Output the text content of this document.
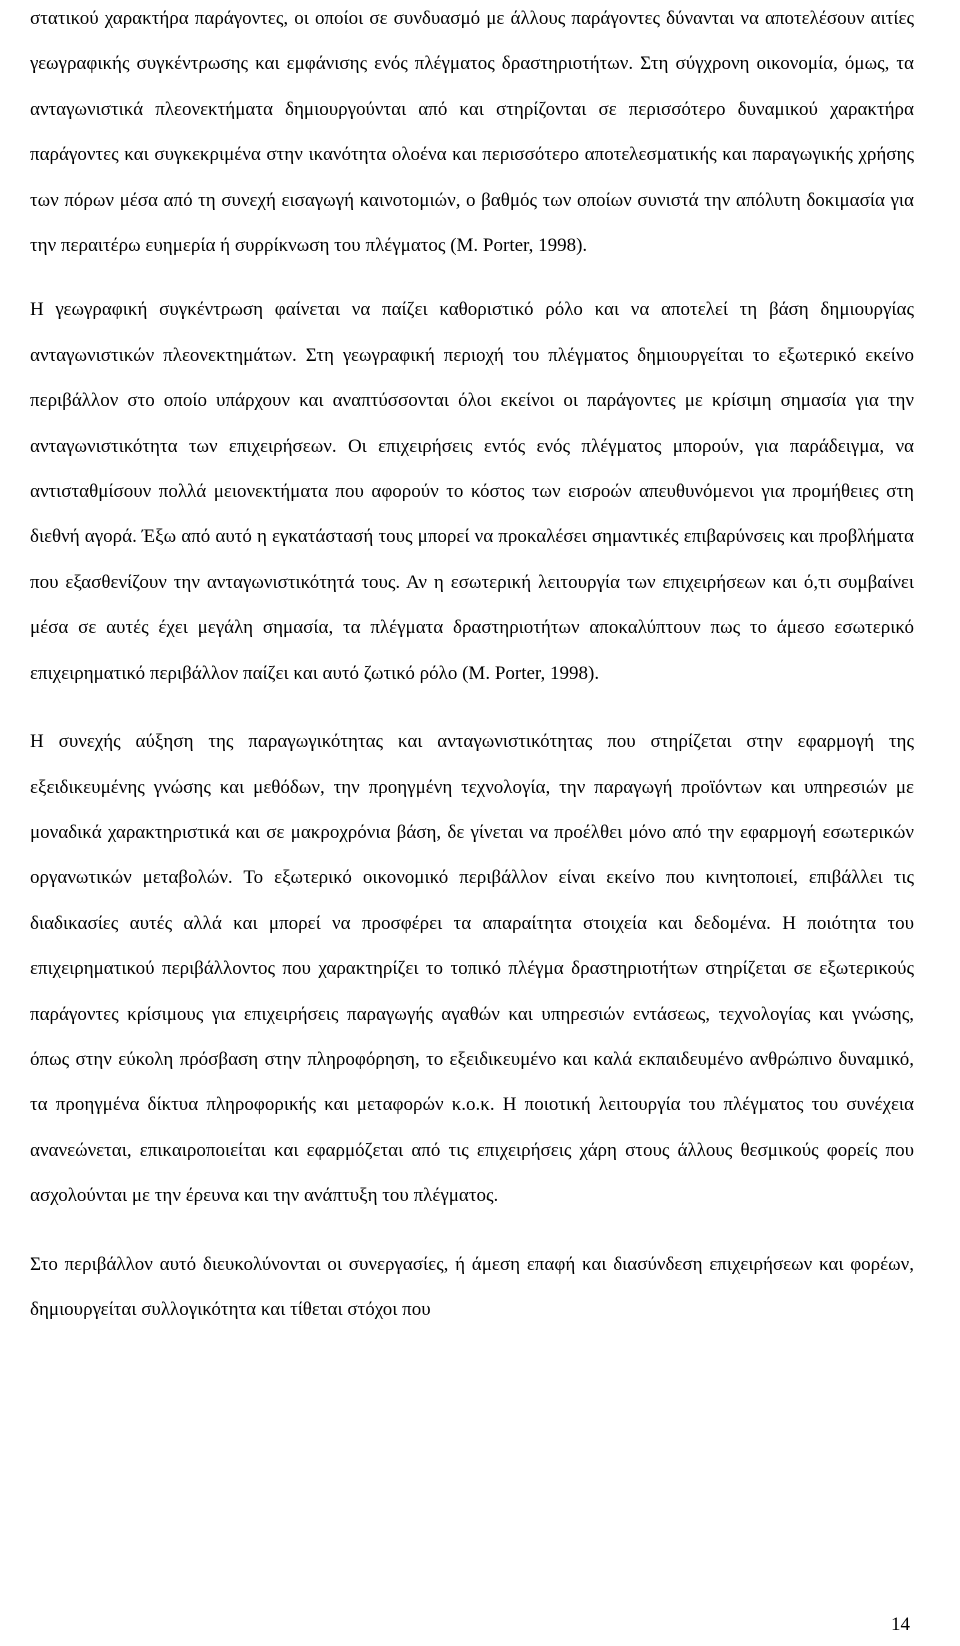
στατικού χαρακτήρα παράγοντες, οι οποίοι σε συνδυασμό με άλλους παράγοντες δύνανται να αποτελέσουν αιτίες γεωγραφικής συγκέντρωσης και εμφάνισης ενός πλέγματος δραστηριοτήτων. Στη σύγχρονη οικονομία, όμως, τα ανταγωνιστικά πλεονεκτήματα δημιουργούνται από και στηρίζονται σε περισσότερο δυναμικού χαρακτήρα παράγοντες και συγκεκριμένα στην ικανότητα ολοένα και περισσότερο αποτελεσματικής και παραγωγικής χρήσης των πόρων μέσα από τη συνεχή εισαγωγή καινοτομιών, ο βαθμός των οποίων συνιστά την απόλυτη δοκιμασία για την περαιτέρω ευημερία ή συρρίκνωση του πλέγματος (M. Porter, 1998).

Η γεωγραφική συγκέντρωση φαίνεται να παίζει καθοριστικό ρόλο και να αποτελεί τη βάση δημιουργίας ανταγωνιστικών πλεονεκτημάτων. Στη γεωγραφική περιοχή του πλέγματος δημιουργείται το εξωτερικό εκείνο περιβάλλον στο οποίο υπάρχουν και αναπτύσσονται όλοι εκείνοι οι παράγοντες με κρίσιμη σημασία για την ανταγωνιστικότητα των επιχειρήσεων. Οι επιχειρήσεις εντός ενός πλέγματος μπορούν, για παράδειγμα, να αντισταθμίσουν πολλά μειονεκτήματα που αφορούν το κόστος των εισροών απευθυνόμενοι για προμήθειες στη διεθνή αγορά. Έξω από αυτό η εγκατάστασή τους μπορεί να προκαλέσει σημαντικές επιβαρύνσεις και προβλήματα που εξασθενίζουν την ανταγωνιστικότητά τους. Αν η εσωτερική λειτουργία των επιχειρήσεων και ό,τι συμβαίνει μέσα σε αυτές έχει μεγάλη σημασία, τα πλέγματα δραστηριοτήτων αποκαλύπτουν πως το άμεσο εσωτερικό επιχειρηματικό περιβάλλον παίζει και αυτό ζωτικό ρόλο (M. Porter, 1998).

Η συνεχής αύξηση της παραγωγικότητας και ανταγωνιστικότητας που στηρίζεται στην εφαρμογή της εξειδικευμένης γνώσης και μεθόδων, την προηγμένη τεχνολογία, την παραγωγή προϊόντων και υπηρεσιών με μοναδικά χαρακτηριστικά και σε μακροχρόνια βάση, δε γίνεται να προέλθει μόνο από την εφαρμογή εσωτερικών οργανωτικών μεταβολών. Το εξωτερικό οικονομικό περιβάλλον είναι εκείνο που κινητοποιεί, επιβάλλει τις διαδικασίες αυτές αλλά και μπορεί να προσφέρει τα απαραίτητα στοιχεία και δεδομένα. Η ποιότητα του επιχειρηματικού περιβάλλοντος που χαρακτηρίζει το τοπικό πλέγμα δραστηριοτήτων στηρίζεται σε εξωτερικούς παράγοντες κρίσιμους για επιχειρήσεις παραγωγής αγαθών και υπηρεσιών εντάσεως, τεχνολογίας και γνώσης, όπως στην εύκολη πρόσβαση στην πληροφόρηση, το εξειδικευμένο και καλά εκπαιδευμένο ανθρώπινο δυναμικό, τα προηγμένα δίκτυα πληροφορικής και μεταφορών κ.ο.κ. Η ποιοτική λειτουργία του πλέγματος του συνέχεια ανανεώνεται, επικαιροποιείται και εφαρμόζεται από τις επιχειρήσεις χάρη στους άλλους θεσμικούς φορείς που ασχολούνται με την έρευνα και την ανάπτυξη του πλέγματος.

Στο περιβάλλον αυτό διευκολύνονται οι συνεργασίες, ή άμεση επαφή και διασύνδεση επιχειρήσεων και φορέων, δημιουργείται συλλογικότητα και τίθεται στόχοι που

14
